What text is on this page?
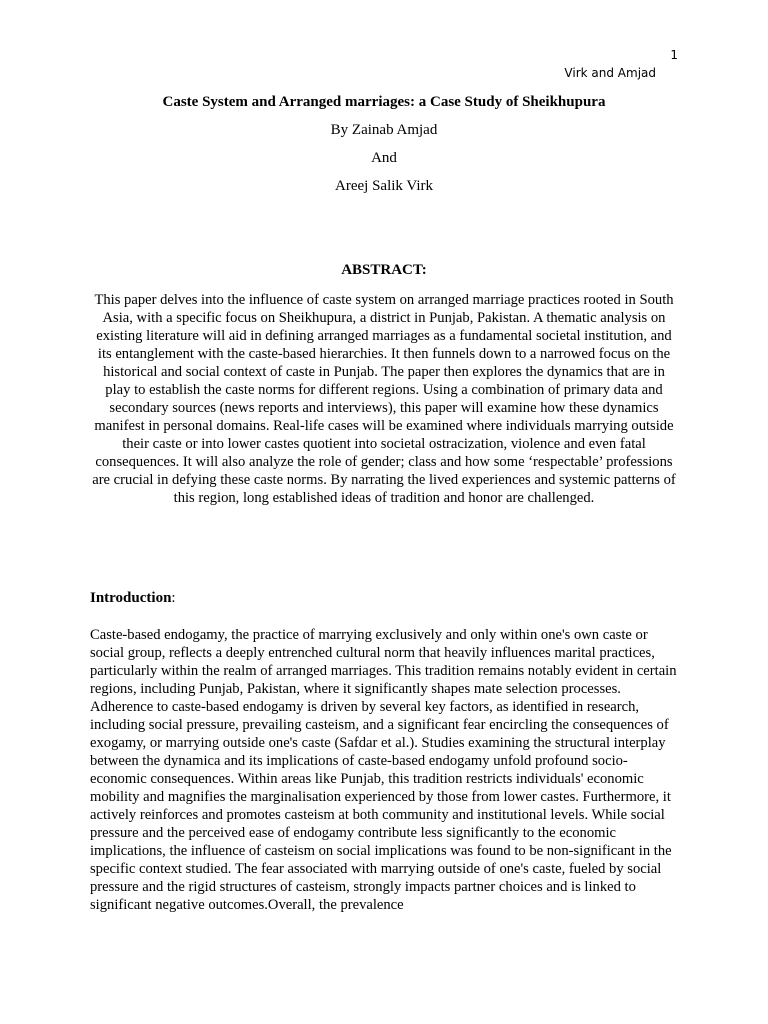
1
Virk and Amjad
Caste System and Arranged marriages: a Case Study of Sheikhupura
By Zainab Amjad
And
Areej Salik Virk
ABSTRACT:
This paper delves into the influence of caste system on arranged marriage practices rooted in South Asia, with a specific focus on Sheikhupura, a district in Punjab, Pakistan. A thematic analysis on existing literature will aid in defining arranged marriages as a fundamental societal institution, and its entanglement with the caste-based hierarchies. It then funnels down to a narrowed focus on the historical and social context of caste in Punjab. The paper then explores the dynamics that are in play to establish the caste norms for different regions. Using a combination of primary data and secondary sources (news reports and interviews), this paper will examine how these dynamics manifest in personal domains. Real-life cases will be examined where individuals marrying outside their caste or into lower castes quotient into societal ostracization, violence and even fatal consequences. It will also analyze the role of gender; class and how some ‘respectable’ professions are crucial in defying these caste norms. By narrating the lived experiences and systemic patterns of this region, long established ideas of tradition and honor are challenged.
Introduction:
Caste-based endogamy, the practice of marrying exclusively and only within one's own caste or social group, reflects a deeply entrenched cultural norm that heavily influences marital practices, particularly within the realm of arranged marriages. This tradition remains notably evident in certain regions, including Punjab, Pakistan, where it significantly shapes mate selection processes. Adherence to caste-based endogamy is driven by several key factors, as identified in research, including social pressure, prevailing casteism, and a significant fear encircling the consequences of exogamy, or marrying outside one's caste (Safdar et al.). Studies examining the structural interplay between the dynamica and its implications of caste-based endogamy unfold profound socio-economic consequences. Within areas like Punjab, this tradition restricts individuals' economic mobility and magnifies the marginalisation experienced by those from lower castes. Furthermore, it actively reinforces and promotes casteism at both community and institutional levels. While social pressure and the perceived ease of endogamy contribute less significantly to the economic implications, the influence of casteism on social implications was found to be non-significant in the specific context studied. The fear associated with marrying outside of one's caste, fueled by social pressure and the rigid structures of casteism, strongly impacts partner choices and is linked to significant negative outcomes.Overall, the prevalence
